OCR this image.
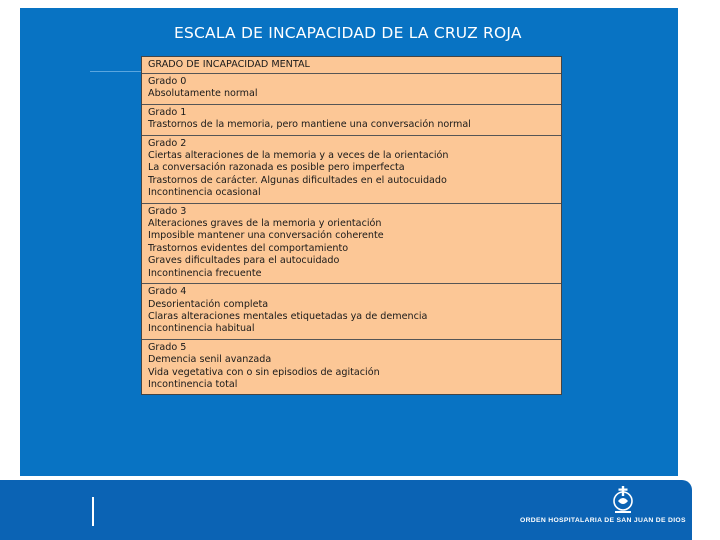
ESCALA DE INCAPACIDAD DE LA CRUZ ROJA
GRADO DE INCAPACIDAD MENTAL
Grado 0
Absolutamente normal
Grado 1
Trastornos de la memoria, pero mantiene una conversación normal
Grado 2
Ciertas alteraciones de la memoria y a veces de la orientación
La conversación razonada es posible pero imperfecta
Trastornos de carácter. Algunas dificultades en el autocuidado
Incontinencia ocasional
Grado 3
Alteraciones graves de la memoria y orientación
Imposible mantener una conversación coherente
Trastornos evidentes del comportamiento
Graves dificultades para el autocuidado
Incontinencia frecuente
Grado 4
Desorientación completa
Claras alteraciones mentales etiquetadas ya de demencia
Incontinencia habitual
Grado 5
Demencia senil avanzada
Vida vegetativa con o sin episodios de agitación
Incontinencia total
ORDEN HOSPITALARIA DE SAN JUAN DE DIOS
